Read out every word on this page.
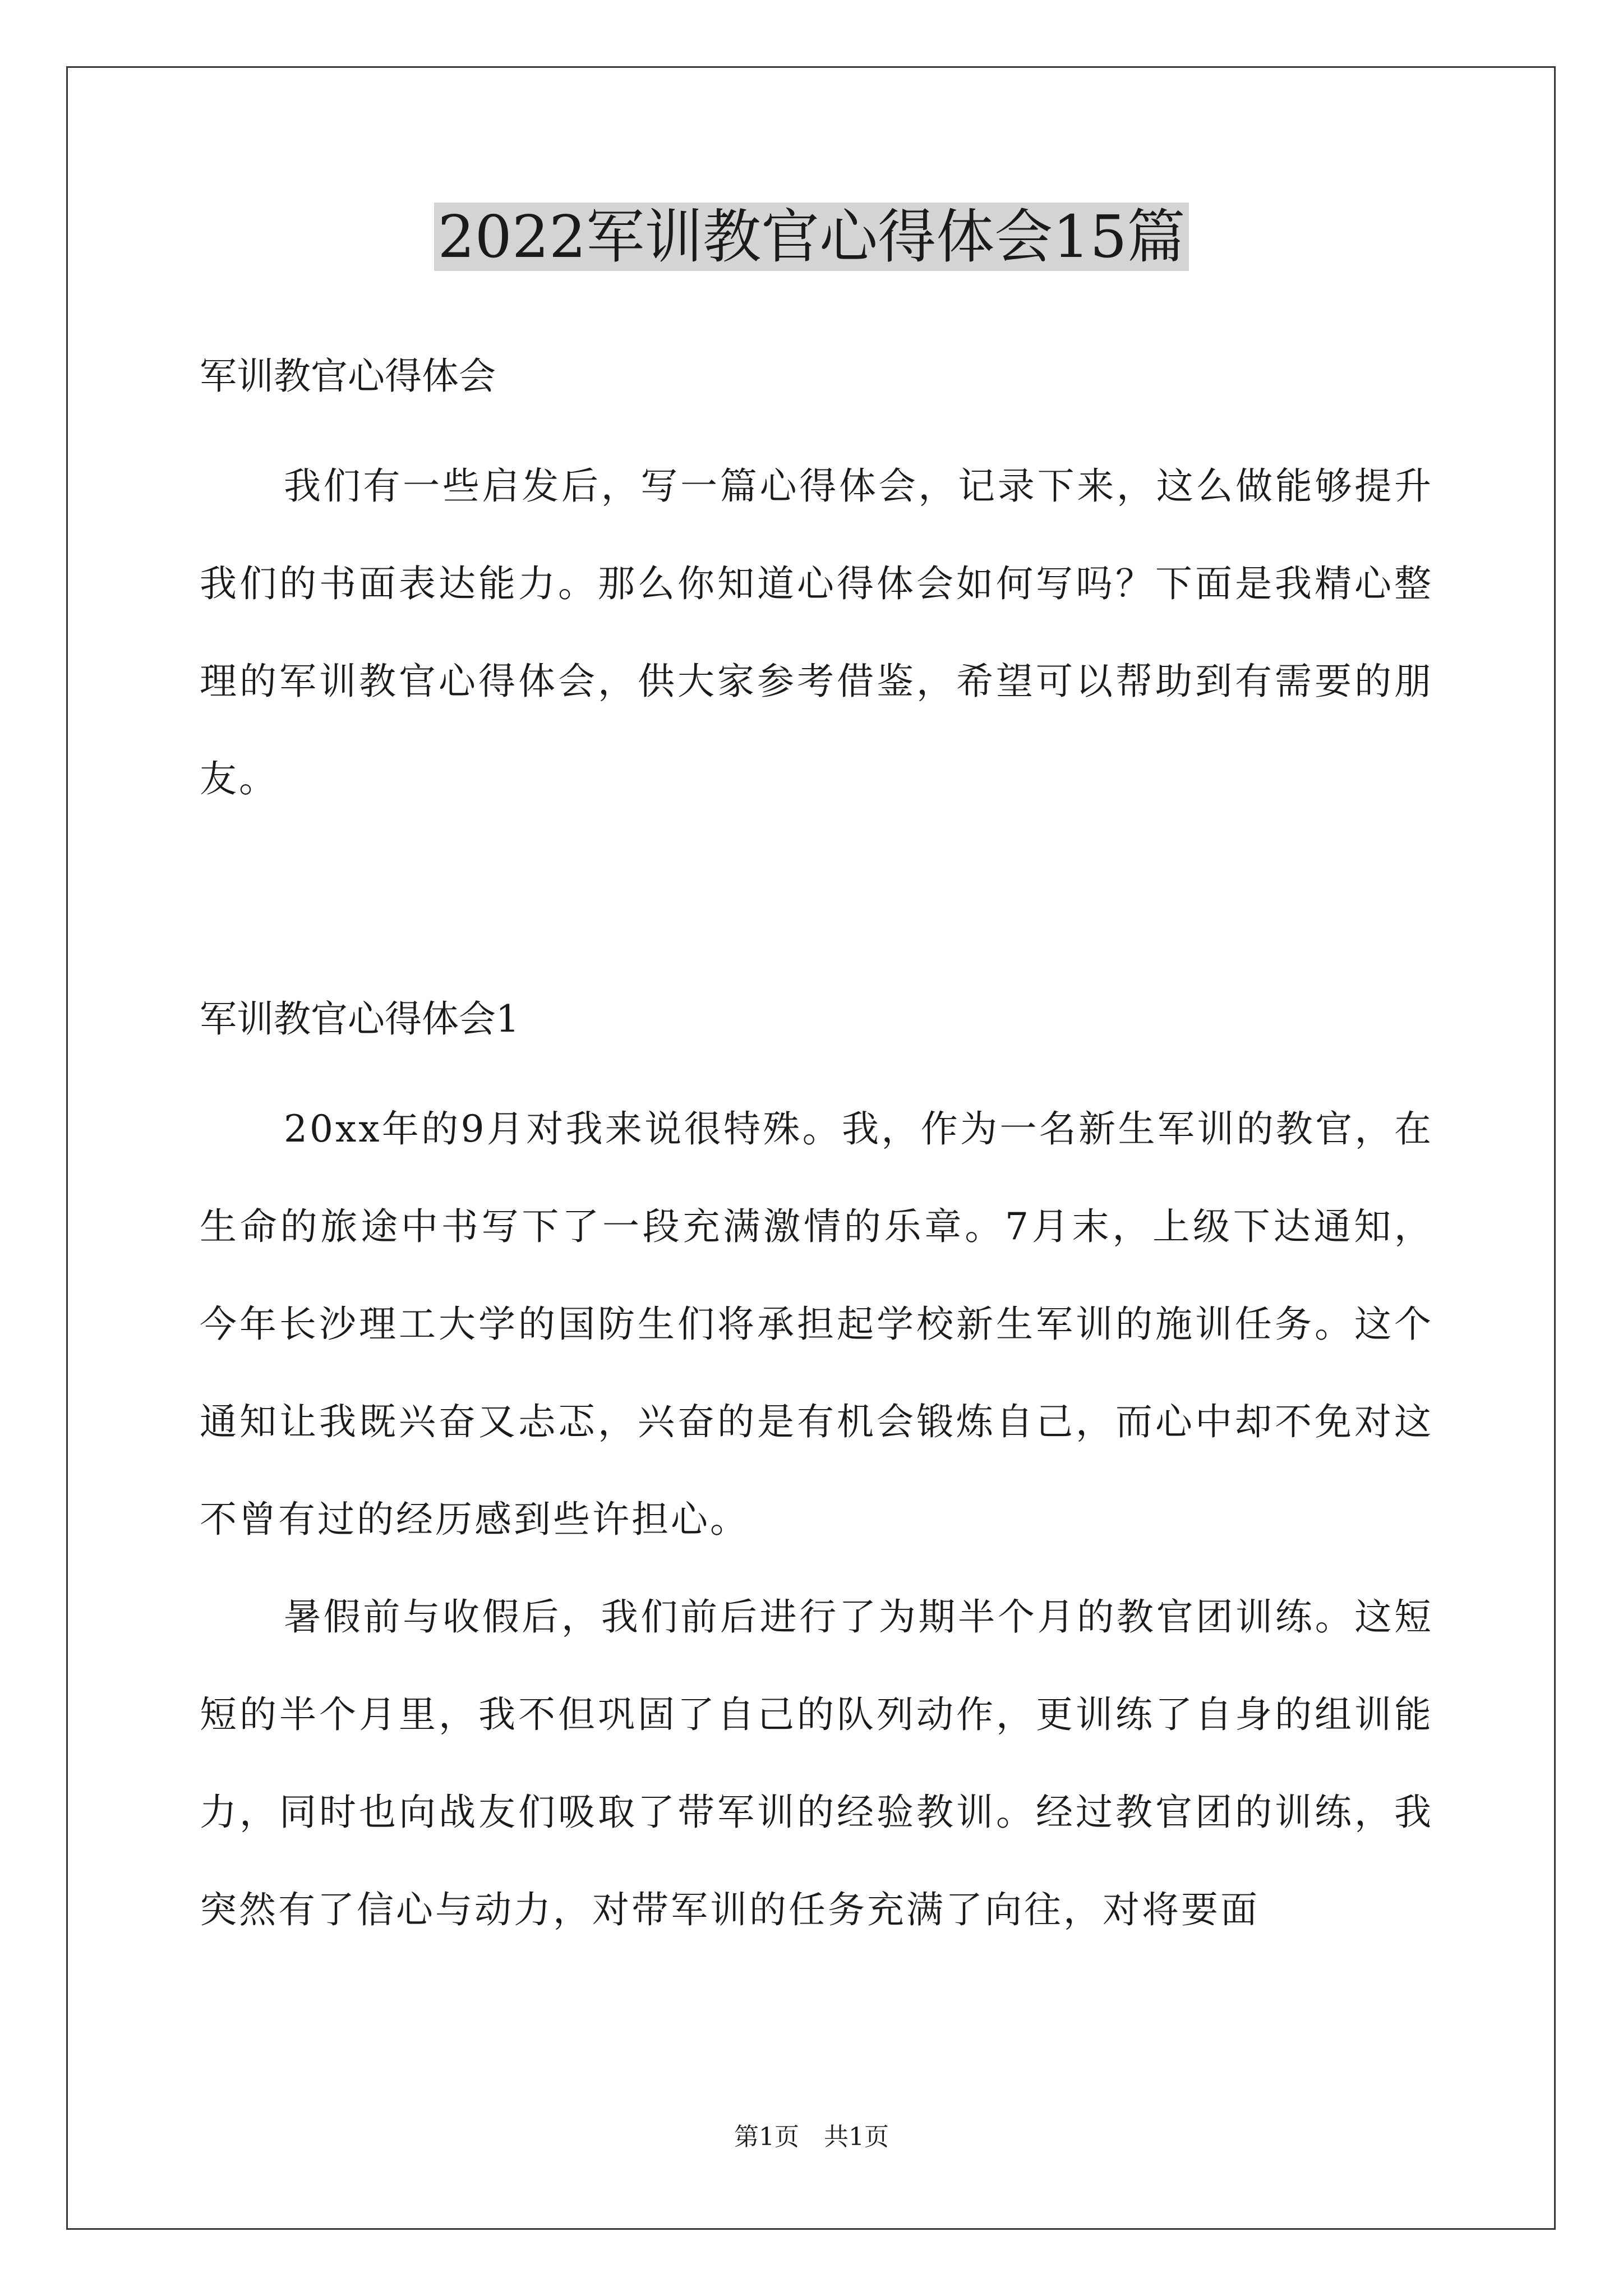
2022军训教官心得体会15篇
军训教官心得体会

我们有一些启发后，写一篇心得体会，记录下来，这么做能够提升我们的书面表达能力。那么你知道心得体会如何写吗？下面是我精心整理的军训教官心得体会，供大家参考借鉴，希望可以帮助到有需要的朋友。

军训教官心得体会1

20xx年的9月对我来说很特殊。我，作为一名新生军训的教官，在生命的旅途中书写下了一段充满激情的乐章。7月末，上级下达通知，今年长沙理工大学的国防生们将承担起学校新生军训的施训任务。这个通知让我既兴奋又忐忑，兴奋的是有机会锻炼自己，而心中却不免对这不曾有过的经历感到些许担心。

暑假前与收假后，我们前后进行了为期半个月的教官团训练。这短短的半个月里，我不但巩固了自己的队列动作，更训练了自身的组训能力，同时也向战友们吸取了带军训的经验教训。经过教官团的训练，我突然有了信心与动力，对带军训的任务充满了向往，对将要面

第1页　共1页
